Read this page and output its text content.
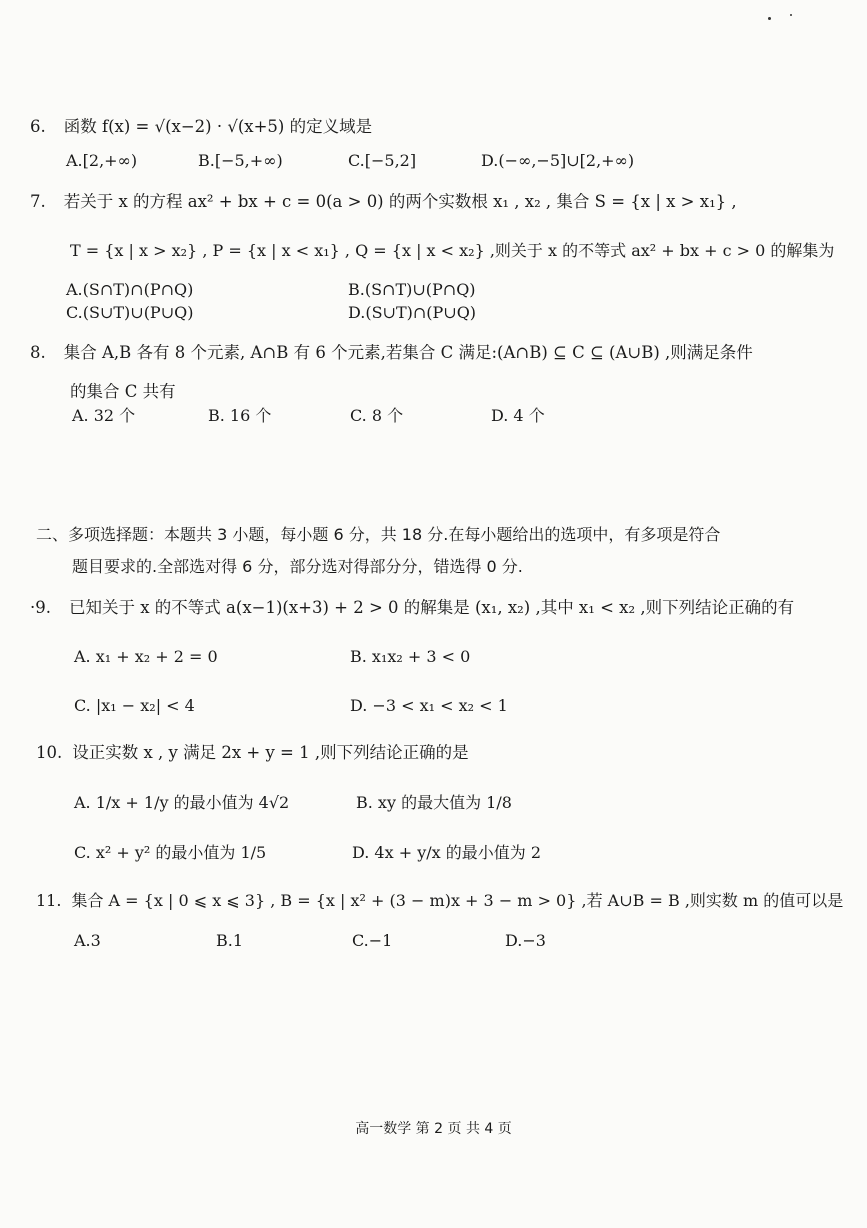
6. 函数 f(x) = √(x−2) · √(x+5) 的定义域是
A.[2,+∞)	B.[−5,+∞)	C.[−5,2]	D.(−∞,−5]∪[2,+∞)
7. 若关于 x 的方程 ax² + bx + c = 0(a > 0) 的两个实数根 x₁ , x₂ , 集合 S = {x | x > x₁} ,
T = {x | x > x₂} , P = {x | x < x₁} , Q = {x | x < x₂} ,则关于 x 的不等式 ax² + bx + c > 0 的解集为
A.(S∩T)∩(P∩Q)	B.(S∩T)∪(P∩Q)
C.(S∪T)∪(P∪Q)	D.(S∪T)∩(P∪Q)
8. 集合 A,B 各有 8 个元素, A∩B 有 6 个元素,若集合 C 满足:(A∩B) ⊆ C ⊆ (A∪B) ,则满足条件
的集合 C 共有
A. 32 个	B. 16 个	C. 8 个	D. 4 个
二、多项选择题：本题共 3 小题，每小题 6 分，共 18 分.在每小题给出的选项中，有多项是符合
题目要求的.全部选对得 6 分，部分选对得部分分，错选得 0 分.
·9. 已知关于 x 的不等式 a(x−1)(x+3) + 2 > 0 的解集是 (x₁, x₂) ,其中 x₁ < x₂ ,则下列结论正确的有
A. x₁ + x₂ + 2 = 0	B. x₁x₂ + 3 < 0
C. |x₁ − x₂| < 4	D. −3 < x₁ < x₂ < 1
10. 设正实数 x , y 满足 2x + y = 1 ,则下列结论正确的是
A. 1/x + 1/y 的最小值为 4√2	B. xy 的最大值为 1/8
C. x² + y² 的最小值为 1/5	D. 4x + y/x 的最小值为 2
11. 集合 A = {x | 0 ⩽ x ⩽ 3} , B = {x | x² + (3 − m)x + 3 − m > 0} ,若 A∪B = B ,则实数 m 的值可以是
A.3	B.1	C.−1	D.−3
高一数学 第 2 页 共 4 页
